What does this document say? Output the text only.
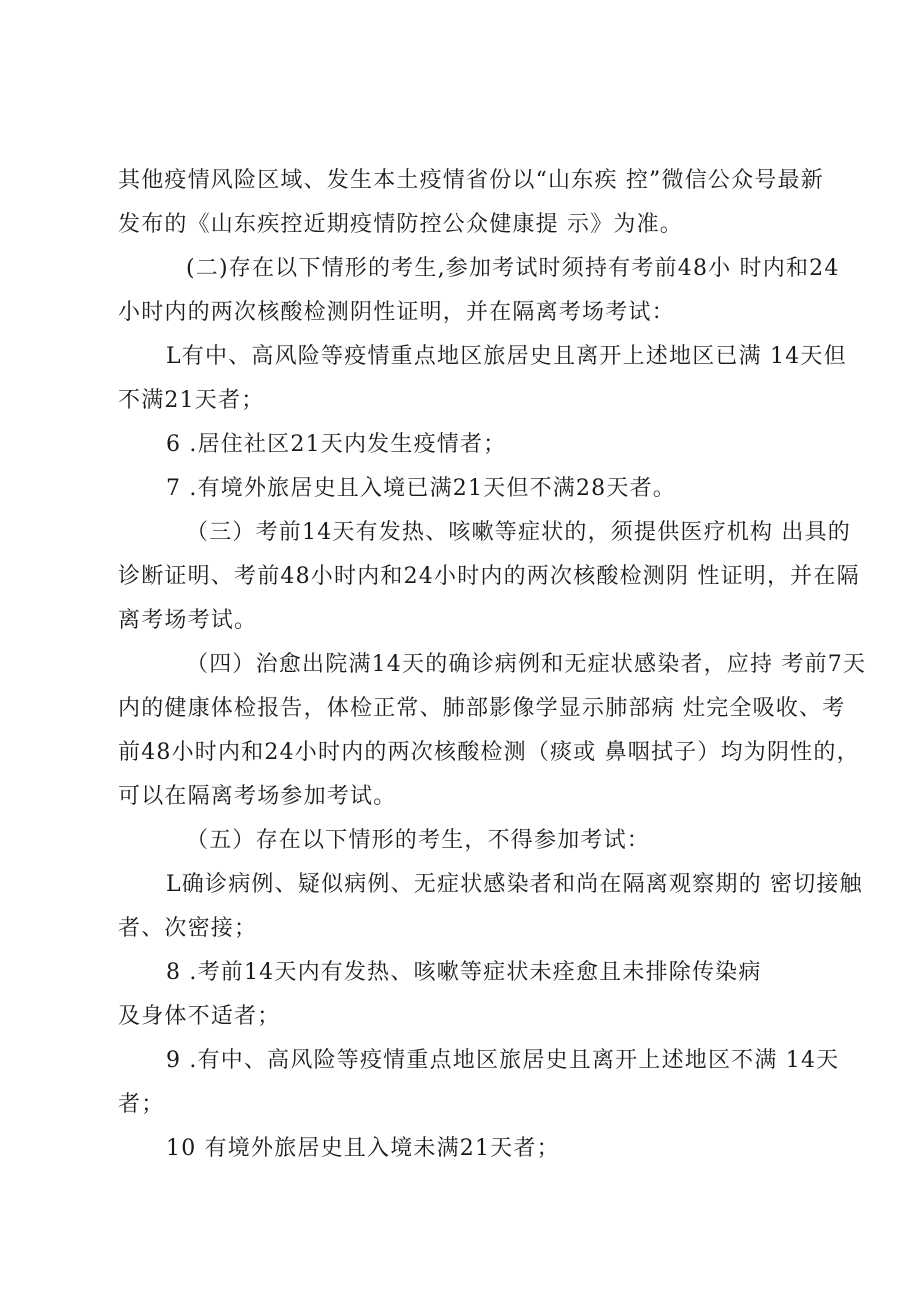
其他疫情风险区域、发生本土疫情省份以“山东疾 控”微信公众号最新
发布的《山东疾控近期疫情防控公众健康提 示》为准。
(二)存在以下情形的考生,参加考试时须持有考前48小 时内和24
小时内的两次核酸检测阴性证明，并在隔离考场考试：
L有中、高风险等疫情重点地区旅居史且离开上述地区已满 14天但
不满21天者；
6 .居住社区21天内发生疫情者；
7 .有境外旅居史且入境已满21天但不满28天者。
（三）考前14天有发热、咳嗽等症状的，须提供医疗机构 出具的
诊断证明、考前48小时内和24小时内的两次核酸检测阴 性证明，并在隔
离考场考试。
（四）治愈出院满14天的确诊病例和无症状感染者，应持 考前7天
内的健康体检报告，体检正常、肺部影像学显示肺部病 灶完全吸收、考
前48小时内和24小时内的两次核酸检测（痰或 鼻咽拭子）均为阴性的，
可以在隔离考场参加考试。
（五）存在以下情形的考生，不得参加考试：
L确诊病例、疑似病例、无症状感染者和尚在隔离观察期的 密切接触
者、次密接；
8 .考前14天内有发热、咳嗽等症状未痊愈且未排除传染病
及身体不适者；
9 .有中、高风险等疫情重点地区旅居史且离开上述地区不满 14天
者；
10 有境外旅居史且入境未满21天者；
